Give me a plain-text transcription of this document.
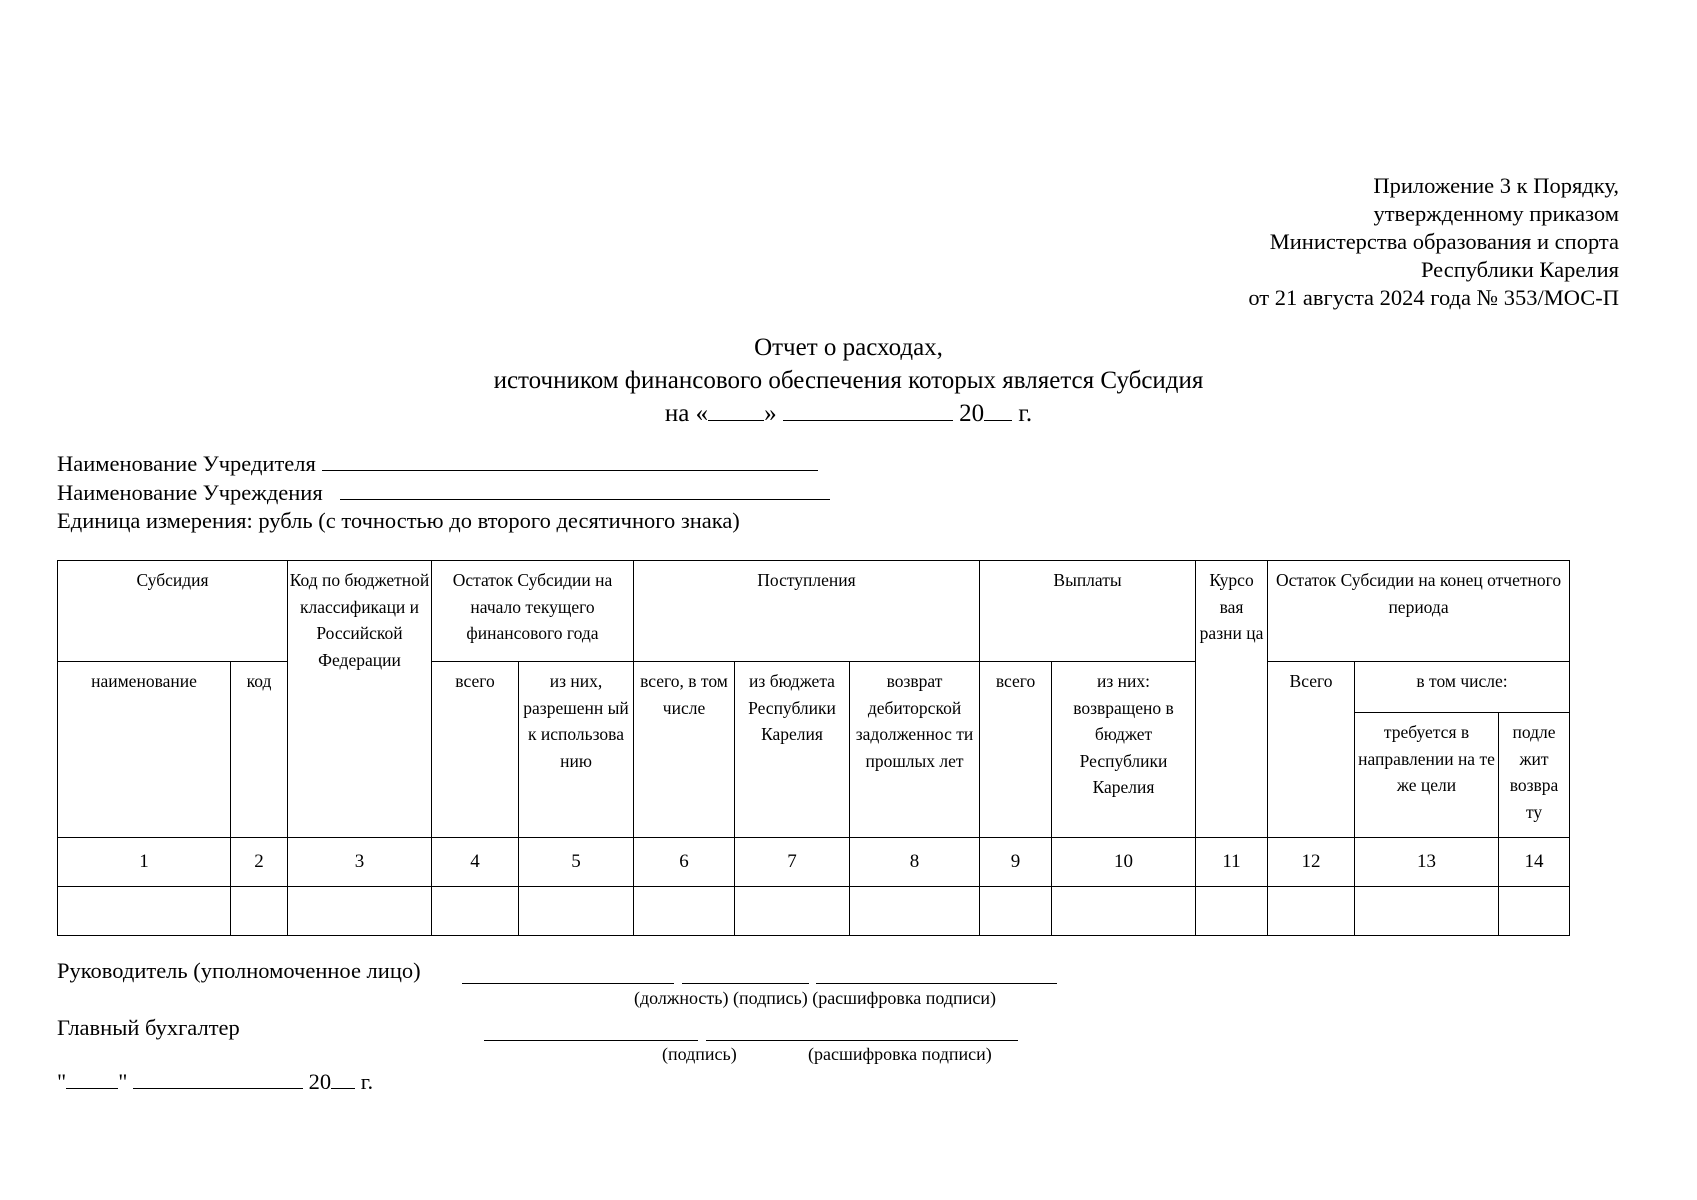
Приложение 3 к Порядку,
утвержденному приказом
Министерства образования и спорта
Республики Карелия
от 21 августа 2024 года № 353/МОС-П
Отчет о расходах,
источником финансового обеспечения которых является Субсидия
на « »	20 г.
Наименование Учредителя
Наименование Учреждения
Единица измерения: рубль (с точностью до второго десятичного знака)
Субсидия		Код по бюджетной классификаци и Российской Федерации	Остаток Субсидии на начало текущего финансового года		Поступления			Выплаты		Курсо вая разни ца	Остаток Субсидии на конец отчетного периода		
наименование	код		всего	из них, разрешенн ый к использова нию	всего, в том числе	из бюджета Республики Карелия	возврат дебиторской задолженнос ти прошлых лет	всего	из них: возвращено в бюджет Республики Карелия		Всего	в том числе:	
												требуется в направлении на те же цели	подле жит возвра ту
1	2	3	4	5	6	7	8	9	10	11	12	13	14

Руководитель (уполномоченное лицо)
(должность) (подпись) (расшифровка подписи)
Главный бухгалтер
(подпись)	(расшифровка подписи)
" "	20 г.
